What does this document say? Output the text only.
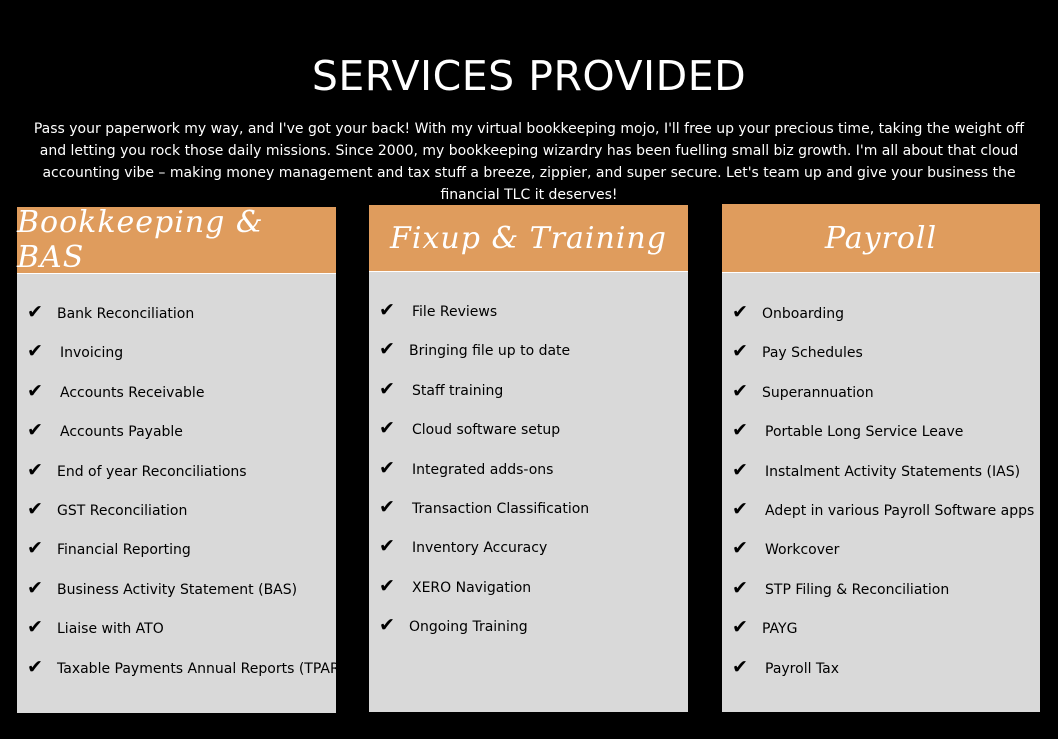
SERVICES PROVIDED
Pass your paperwork my way, and I've got your back! With my virtual bookkeeping mojo, I'll free up your precious time, taking the weight off and letting you rock those daily missions. Since 2000, my bookkeeping wizardry has been fuelling small biz growth. I'm all about that cloud accounting vibe – making money management and tax stuff a breeze, zippier, and super secure. Let's team up and give your business the financial TLC it deserves!
Bookkeeping & BAS
✔ Bank Reconciliation
✔ Invoicing
✔ Accounts Receivable
✔ Accounts Payable
✔ End of year Reconciliations
✔ GST Reconciliation
✔ Financial Reporting
✔ Business Activity Statement (BAS)
✔ Liaise with ATO
✔ Taxable Payments Annual Reports (TPAR)
Fixup & Training
✔ File Reviews
✔ Bringing file up to date
✔ Staff training
✔ Cloud software setup
✔ Integrated adds-ons
✔ Transaction Classification
✔ Inventory Accuracy
✔ XERO Navigation
✔ Ongoing Training
Payroll
✔ Onboarding
✔ Pay Schedules
✔ Superannuation
✔ Portable Long Service Leave
✔ Instalment Activity Statements (IAS)
✔ Adept in various Payroll Software apps
✔ Workcover
✔ STP Filing & Reconciliation
✔ PAYG
✔ Payroll Tax
